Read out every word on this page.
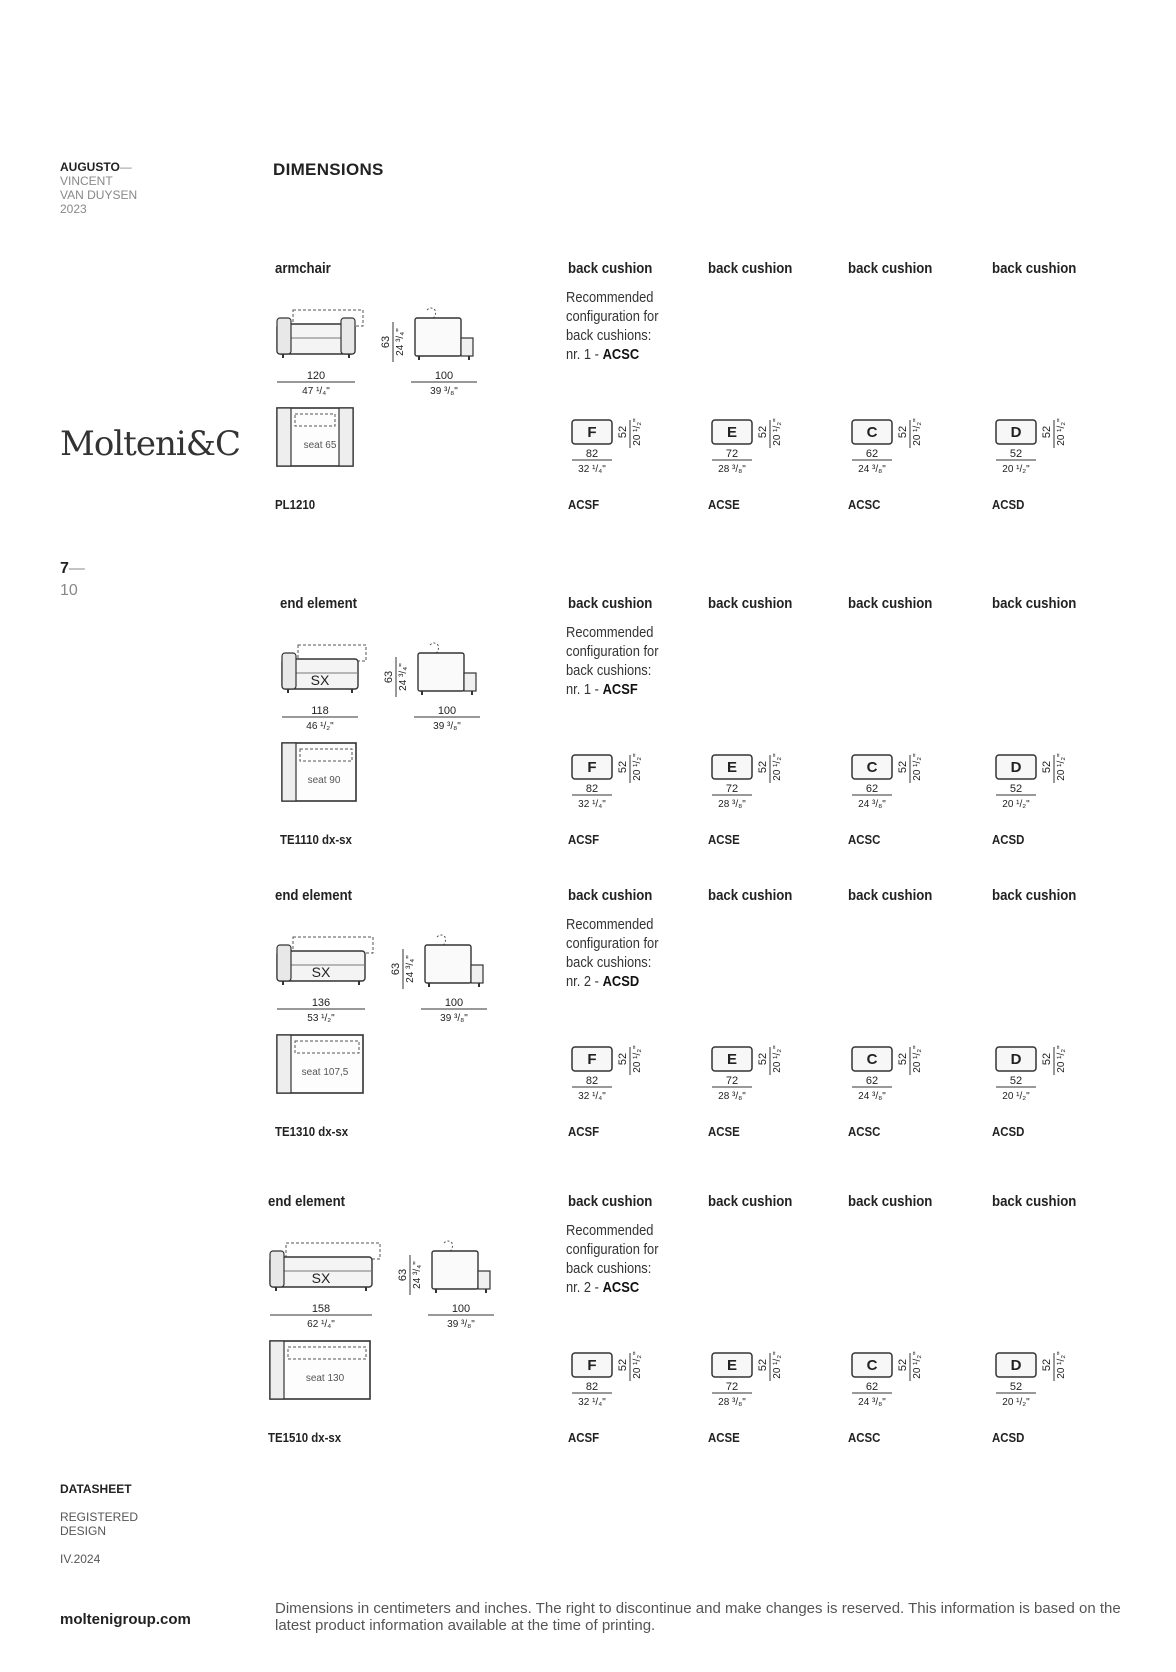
AUGUSTO—
VINCENT
VAN DUYSEN
2023
Molteni&C
7—
10
DATASHEET
REGISTERED
DESIGN
IV.2024
moltenigroup.com
Dimensions in centimeters and inches. The right to discontinue and make changes is reserved. This information is based on the latest product information available at the time of printing.
DIMENSIONS
armchair
PL1210
back cushion	back cushion	back cushion	back cushion
Recommended
configuration for
back cushions:
nr. 1 - ACSC
120
47 ¹/₄"
63 24 ³/₄"
100
39 ³/₈"
seat 65
F
82
32 ¹/₄"
52 20 ¹/₂"
ACSF
E
72
28 ³/₈"
52 20 ¹/₂"
ACSE
C
62
24 ³/₈"
52 20 ¹/₂"
ACSC
D
52
20 ¹/₂"
52 20 ¹/₂"
ACSD
end element
TE1110 dx-sx
back cushion	back cushion	back cushion	back cushion
Recommended
configuration for
back cushions:
nr. 1 - ACSF
SX
118
46 ¹/₂"
63 24 ³/₄"
100
39 ³/₈"
seat 90
F
82
32 ¹/₄"
52 20 ¹/₂"
ACSF
E
72
28 ³/₈"
52 20 ¹/₂"
ACSE
C
62
24 ³/₈"
52 20 ¹/₂"
ACSC
D
52
20 ¹/₂"
52 20 ¹/₂"
ACSD
end element
TE1310 dx-sx
back cushion	back cushion	back cushion	back cushion
Recommended
configuration for
back cushions:
nr. 2 - ACSD
SX
136
53 ¹/₂"
63 24 ³/₄"
100
39 ³/₈"
seat 107,5
F
82
32 ¹/₄"
52 20 ¹/₂"
ACSF
E
72
28 ³/₈"
52 20 ¹/₂"
ACSE
C
62
24 ³/₈"
52 20 ¹/₂"
ACSC
D
52
20 ¹/₂"
52 20 ¹/₂"
ACSD
end element
TE1510 dx-sx
back cushion	back cushion	back cushion	back cushion
Recommended
configuration for
back cushions:
nr. 2 - ACSC
SX
158
62 ¹/₄"
63 24 ³/₄"
100
39 ³/₈"
seat 130
F
82
32 ¹/₄"
52 20 ¹/₂"
ACSF
E
72
28 ³/₈"
52 20 ¹/₂"
ACSE
C
62
24 ³/₈"
52 20 ¹/₂"
ACSC
D
52
20 ¹/₂"
52 20 ¹/₂"
ACSD
